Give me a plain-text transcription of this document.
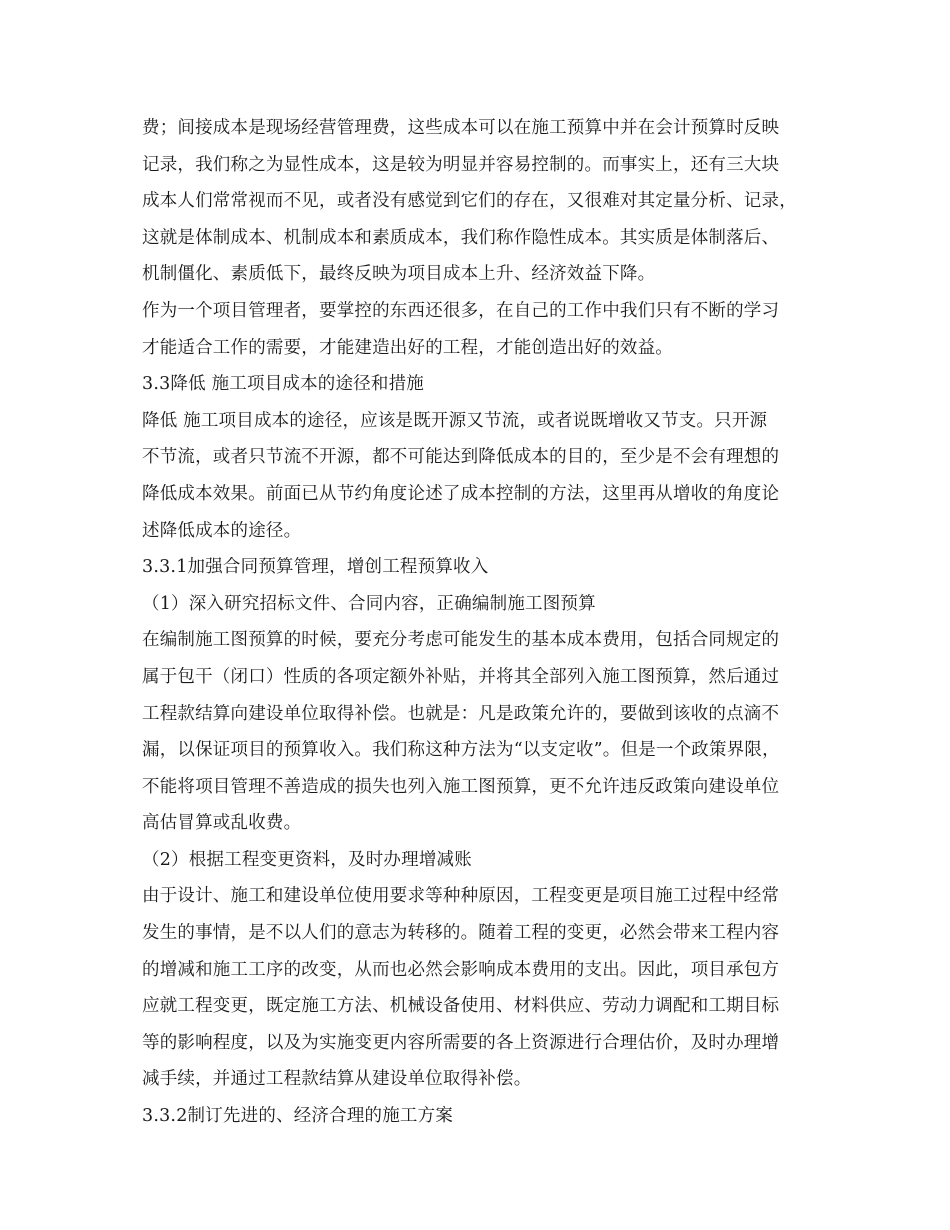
费；间接成本是现场经营管理费，这些成本可以在施工预算中并在会计预算时反映

记录，我们称之为显性成本，这是较为明显并容易控制的。而事实上，还有三大块

成本人们常常视而不见，或者没有感觉到它们的存在，又很难对其定量分析、记录，

这就是体制成本、机制成本和素质成本，我们称作隐性成本。其实质是体制落后、

机制僵化、素质低下，最终反映为项目成本上升、经济效益下降。

作为一个项目管理者，要掌控的东西还很多，在自己的工作中我们只有不断的学习

才能适合工作的需要，才能建造出好的工程，才能创造出好的效益。

3.3降低 施工项目成本的途径和措施

降低 施工项目成本的途径，应该是既开源又节流，或者说既增收又节支。只开源

不节流，或者只节流不开源，都不可能达到降低成本的目的，至少是不会有理想的

降低成本效果。前面已从节约角度论述了成本控制的方法，这里再从增收的角度论

述降低成本的途径。

3.3.1加强合同预算管理，增创工程预算收入

（1）深入研究招标文件、合同内容，正确编制施工图预算

在编制施工图预算的时候，要充分考虑可能发生的基本成本费用，包括合同规定的

属于包干（闭口）性质的各项定额外补贴，并将其全部列入施工图预算，然后通过

工程款结算向建设单位取得补偿。也就是：凡是政策允许的，要做到该收的点滴不

漏，以保证项目的预算收入。我们称这种方法为“以支定收”。但是一个政策界限，

不能将项目管理不善造成的损失也列入施工图预算，更不允许违反政策向建设单位

高估冒算或乱收费。

（2）根据工程变更资料，及时办理增减账

由于设计、施工和建设单位使用要求等种种原因，工程变更是项目施工过程中经常

发生的事情，是不以人们的意志为转移的。随着工程的变更，必然会带来工程内容

的增减和施工工序的改变，从而也必然会影响成本费用的支出。因此，项目承包方

应就工程变更，既定施工方法、机械设备使用、材料供应、劳动力调配和工期目标

等的影响程度，以及为实施变更内容所需要的各上资源进行合理估价，及时办理增

减手续，并通过工程款结算从建设单位取得补偿。

3.3.2制订先进的、经济合理的施工方案
